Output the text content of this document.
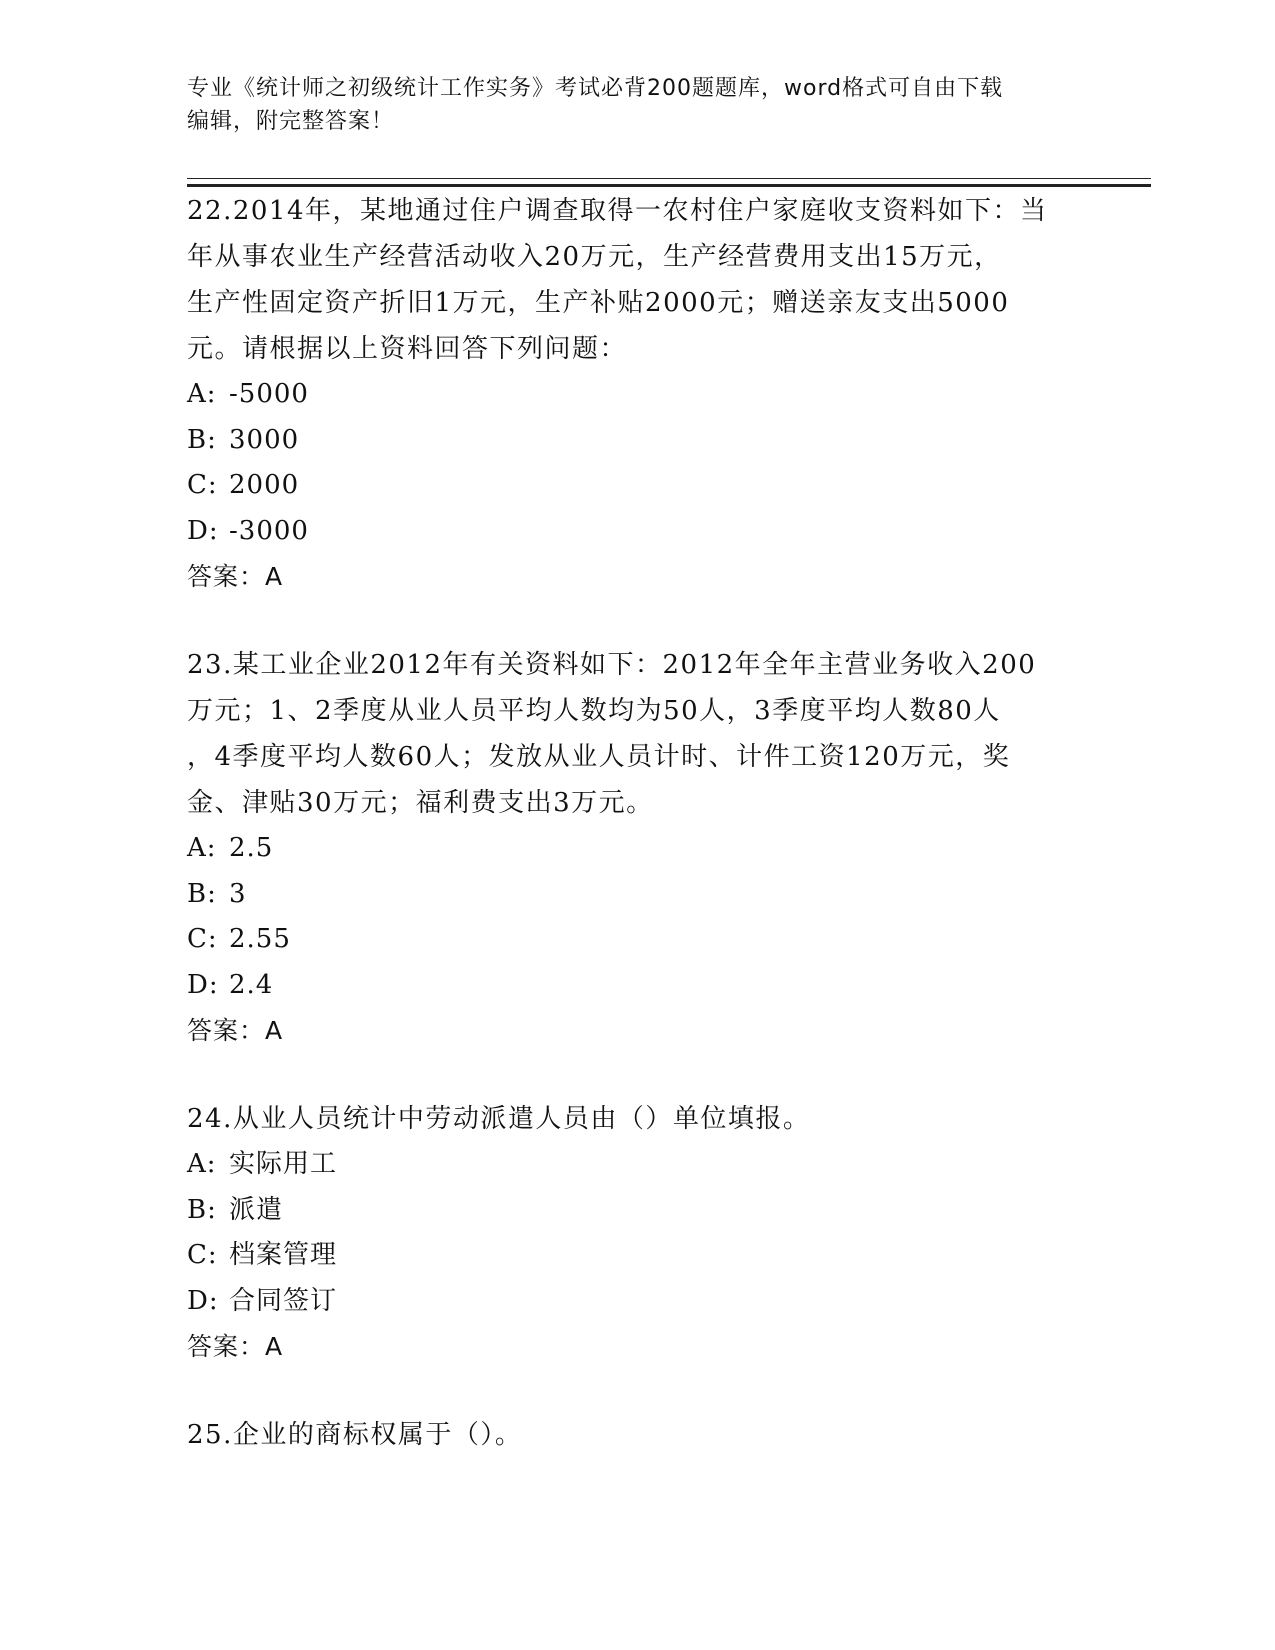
专业《统计师之初级统计工作实务》考试必背200题题库，word格式可自由下载
编辑，附完整答案！

22.2014年，某地通过住户调查取得一农村住户家庭收支资料如下：当

年从事农业生产经营活动收入20万元，生产经营费用支出15万元，

生产性固定资产折旧1万元，生产补贴2000元；赠送亲友支出5000

元。请根据以上资料回答下列问题：

A: -5000

B: 3000

C: 2000

D: -3000

答案：A

23.某工业企业2012年有关资料如下：2012年全年主营业务收入200

万元；1、2季度从业人员平均人数均为50人，3季度平均人数80人

，4季度平均人数60人；发放从业人员计时、计件工资120万元，奖

金、津贴30万元；福利费支出3万元。

A: 2.5

B: 3

C: 2.55

D: 2.4

答案：A

24.从业人员统计中劳动派遣人员由（）单位填报。

A: 实际用工

B: 派遣

C: 档案管理

D: 合同签订

答案：A

25.企业的商标权属于（）。
